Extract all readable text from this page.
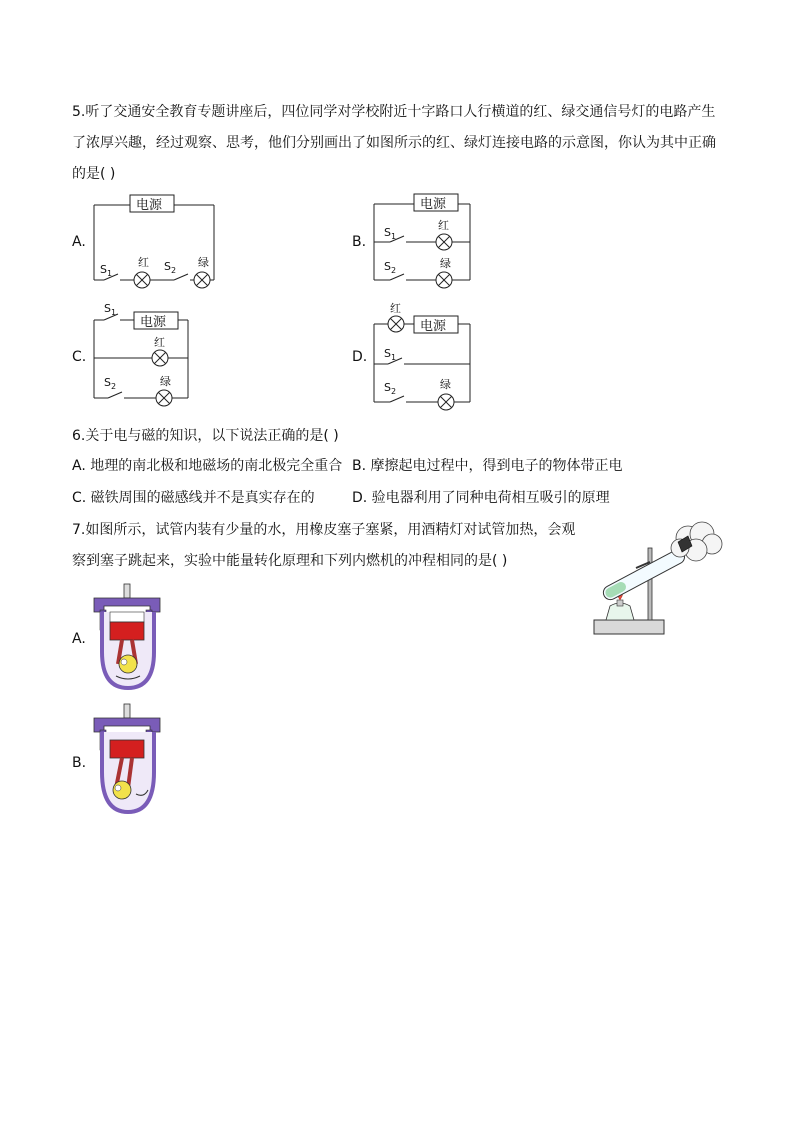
5.听了交通安全教育专题讲座后，四位同学对学校附近十字路口人行横道的红、绿交通信号灯的电路产生
了浓厚兴趣，经过观察、思考，他们分别画出了如图所示的红、绿灯连接电路的示意图，你认为其中正确
的是( )
A.
电源
$S_1$
红 $S_2$
绿
B.
电源
$S_1$
红
$S_2$
绿
C.
电源
$S_1$
红
$S_2$	绿
D.
电源
红
$S_1$
$S_2$
绿
6.关于电与磁的知识，以下说法正确的是( )
A. 地理的南北极和地磁场的南北极完全重合 B. 摩擦起电过程中，得到电子的物体带正电
C. 磁铁周围的磁感线并不是真实存在的	D. 验电器利用了同种电荷相互吸引的原理
7.如图所示，试管内装有少量的水，用橡皮塞子塞紧，用酒精灯对试管加热，会观
察到塞子跳起来，实验中能量转化原理和下列内燃机的冲程相同的是( )
A.
B.
